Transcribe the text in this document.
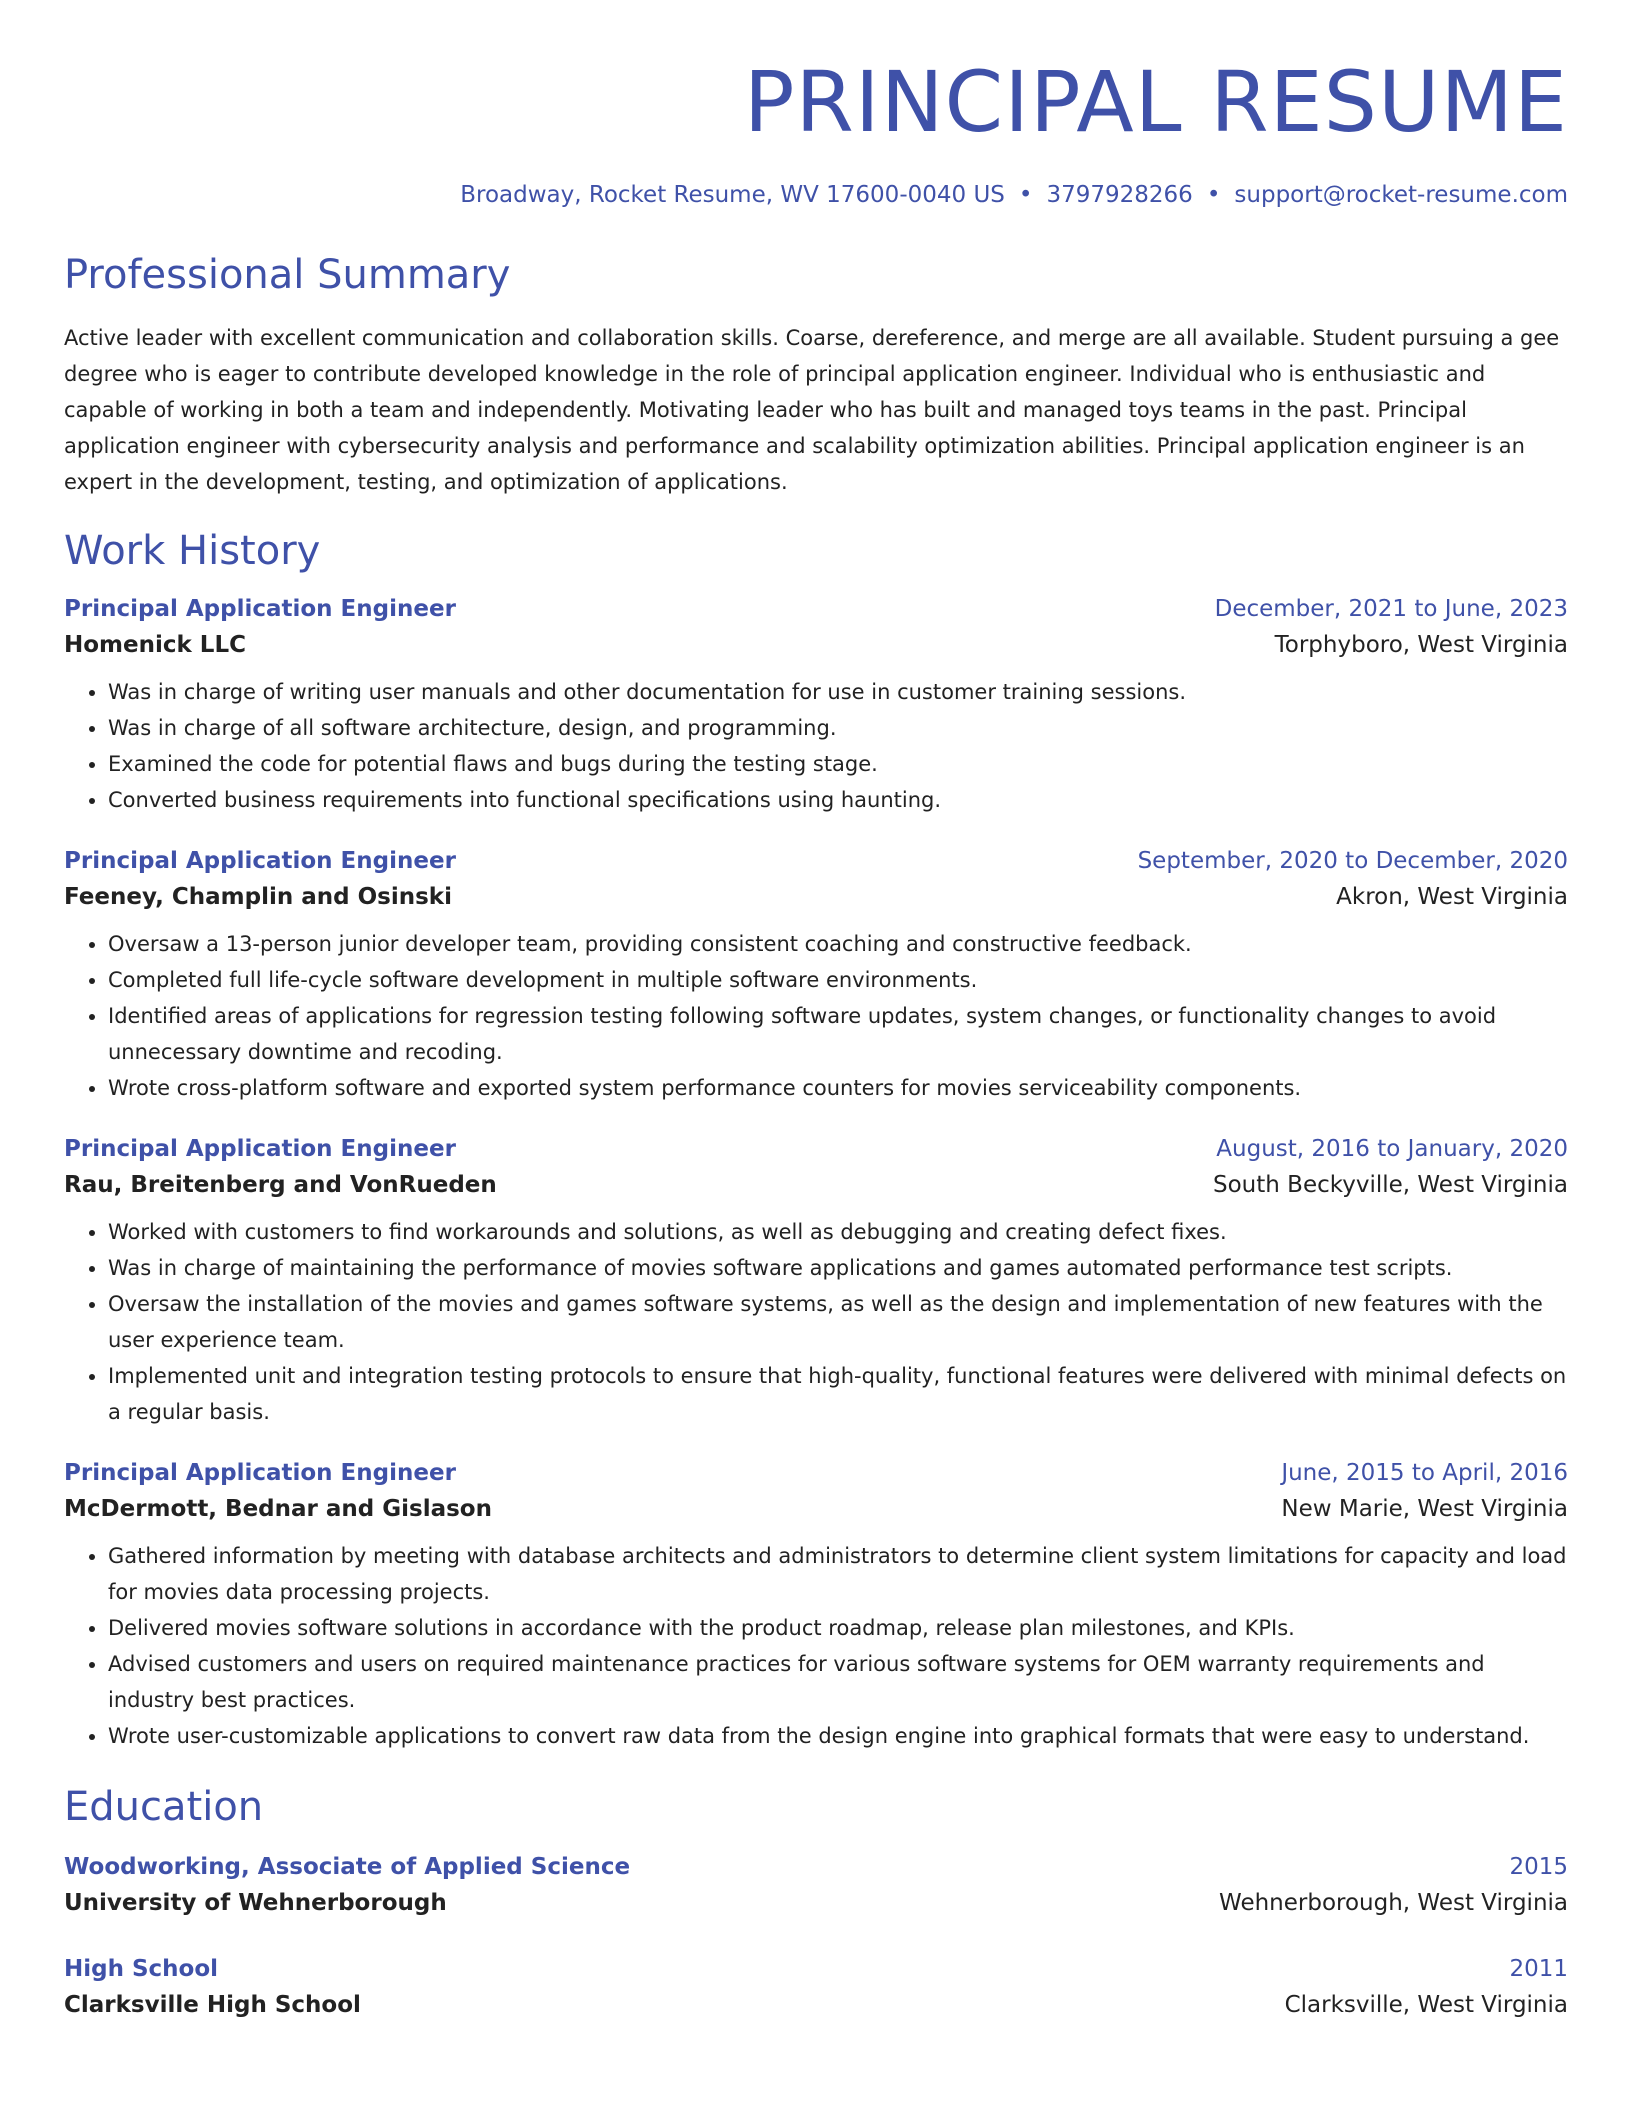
PRINCIPAL RESUME
Broadway, Rocket Resume, WV 17600-0040 US • 3797928266 • support@rocket-resume.com
Professional Summary

Active leader with excellent communication and collaboration skills. Coarse, dereference, and merge are all available. Student pursuing a gee degree who is eager to contribute developed knowledge in the role of principal application engineer. Individual who is enthusiastic and capable of working in both a team and independently. Motivating leader who has built and managed toys teams in the past. Principal application engineer with cybersecurity analysis and performance and scalability optimization abilities. Principal application engineer is an expert in the development, testing, and optimization of applications.

Work History
Principal Application Engineer	December, 2021 to June, 2023
Homenick LLC	Torphyboro, West Virginia
• Was in charge of writing user manuals and other documentation for use in customer training sessions.
• Was in charge of all software architecture, design, and programming.
• Examined the code for potential flaws and bugs during the testing stage.
• Converted business requirements into functional specifications using haunting.
Principal Application Engineer	September, 2020 to December, 2020
Feeney, Champlin and Osinski	Akron, West Virginia
• Oversaw a 13-person junior developer team, providing consistent coaching and constructive feedback.
• Completed full life-cycle software development in multiple software environments.
• Identified areas of applications for regression testing following software updates, system changes, or functionality changes to avoid unnecessary downtime and recoding.
• Wrote cross-platform software and exported system performance counters for movies serviceability components.
Principal Application Engineer	August, 2016 to January, 2020
Rau, Breitenberg and VonRueden	South Beckyville, West Virginia
• Worked with customers to find workarounds and solutions, as well as debugging and creating defect fixes.
• Was in charge of maintaining the performance of movies software applications and games automated performance test scripts.
• Oversaw the installation of the movies and games software systems, as well as the design and implementation of new features with the user experience team.
• Implemented unit and integration testing protocols to ensure that high-quality, functional features were delivered with minimal defects on a regular basis.
Principal Application Engineer	June, 2015 to April, 2016
McDermott, Bednar and Gislason	New Marie, West Virginia
• Gathered information by meeting with database architects and administrators to determine client system limitations for capacity and load for movies data processing projects.
• Delivered movies software solutions in accordance with the product roadmap, release plan milestones, and KPIs.
• Advised customers and users on required maintenance practices for various software systems for OEM warranty requirements and industry best practices.
• Wrote user-customizable applications to convert raw data from the design engine into graphical formats that were easy to understand.
Education
Woodworking, Associate of Applied Science	2015
University of Wehnerborough	Wehnerborough, West Virginia
High School	2011
Clarksville High School	Clarksville, West Virginia
